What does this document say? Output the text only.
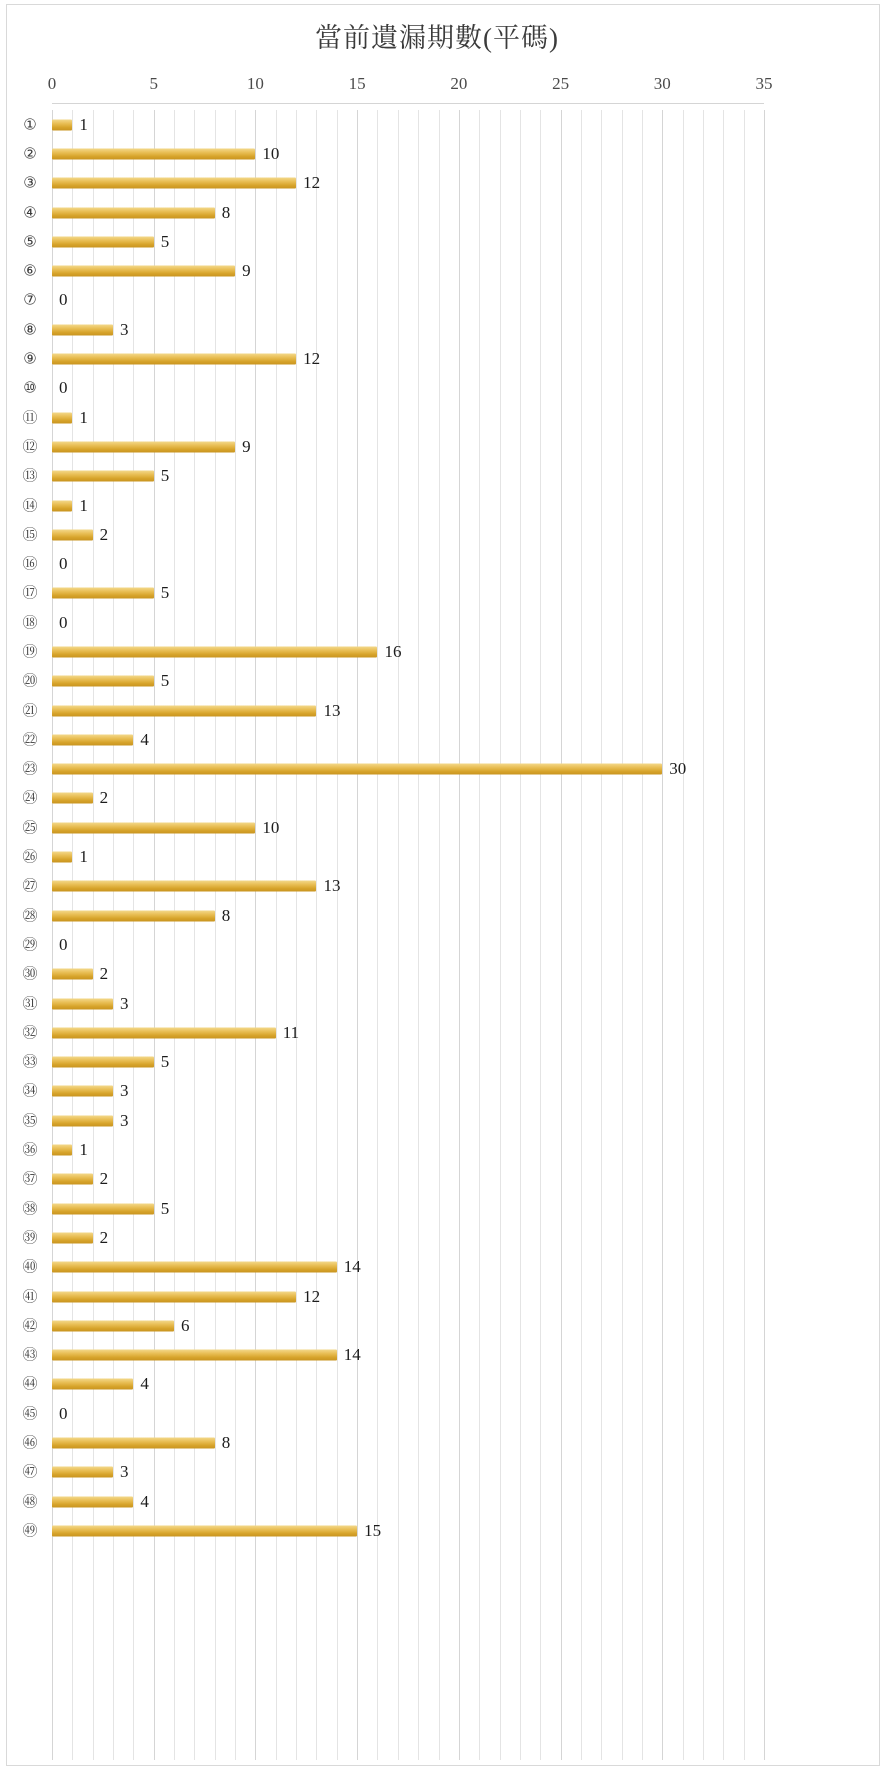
當前遺漏期數(平碼)
0	5	10	15	20	25	30	35
①	1
②	10
③	12
④	8
⑤	5
⑥	9
⑦	0
⑧	3
⑨	12
⑩	0
⑪	1
⑫	9
⑬	5
⑭	1
⑮	2
⑯	0
⑰	5
⑱	0
⑲	16
⑳	5
㉑	13
㉒	4
㉓	30
㉔	2
㉕	10
㉖	1
㉗	13
㉘	8
㉙	0
㉚	2
㉛	3
㉜	11
㉝	5
㉞	3
㉟	3
㊱	1
㊲	2
㊳	5
㊴	2
㊵	14
㊶	12
㊷	6
㊸	14
㊹	4
㊺	0
㊻	8
㊼	3
㊽	4
㊾	15
